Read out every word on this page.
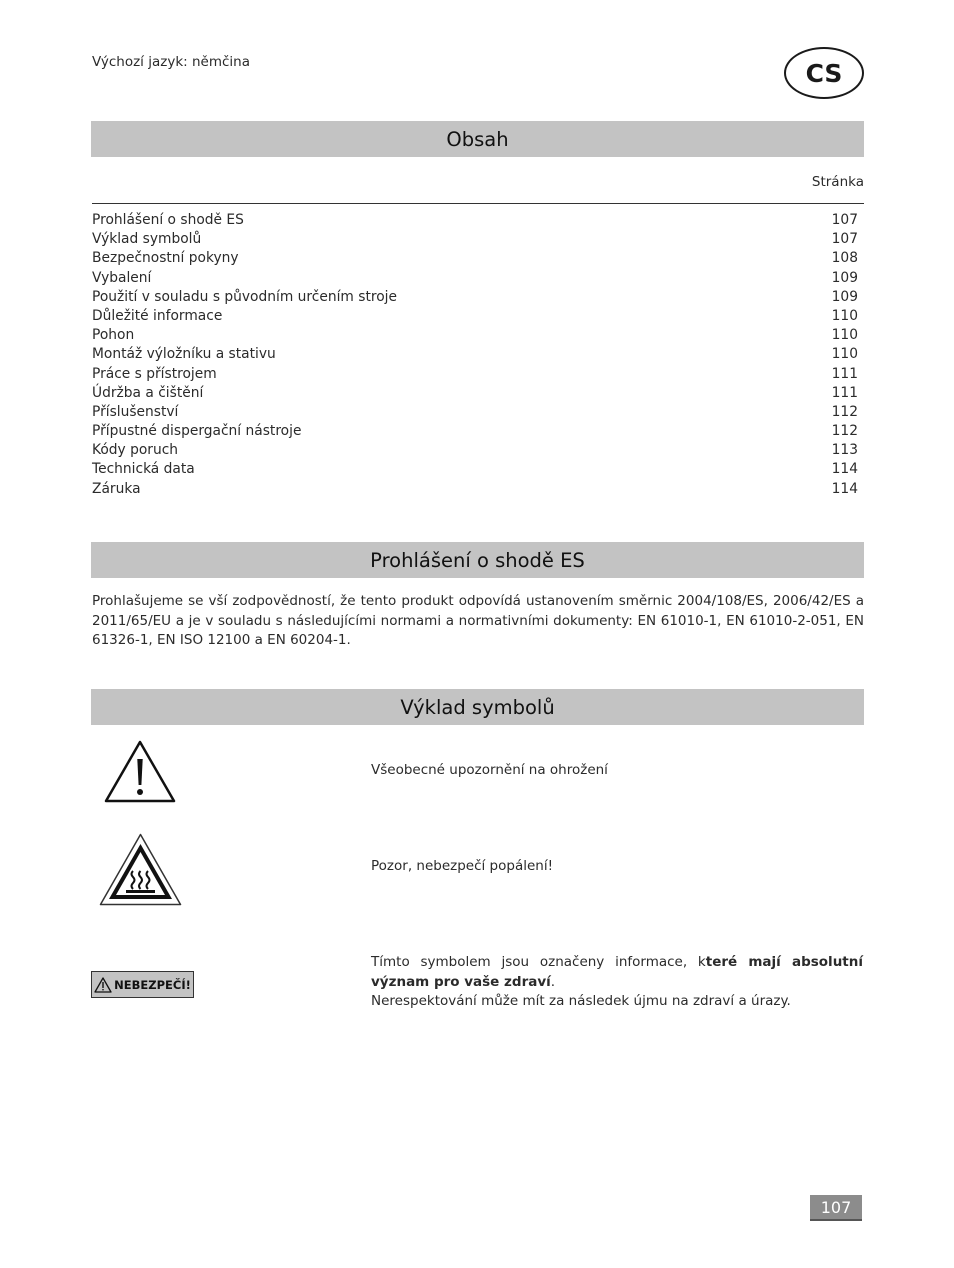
Výchozí jazyk: němčina	CS
Obsah
Stránka
Prohlášení o shodě ES	107
Výklad symbolů	107
Bezpečnostní pokyny	108
Vybalení	109
Použití v souladu s původním určením stroje	109
Důležité informace	110
Pohon	110
Montáž výložníku a stativu	110
Práce s přístrojem	111
Údržba a čištění	111
Příslušenství	112
Přípustné dispergační nástroje	112
Kódy poruch	113
Technická data	114
Záruka	114
Prohlášení o shodě ES

Prohlašujeme se vší zodpovědností, že tento produkt odpovídá ustanovením směrnic 2004/108/ES, 2006/42/ES a 2011/65/EU a je v souladu s následujícími normami a normativními dokumenty: EN 61010-1, EN 61010-2-051, EN 61326-1, EN ISO 12100 a EN 60204-1.

Výklad symbolů

Všeobecné upozornění na ohrožení

Pozor, nebezpečí popálení!

NEBEZPEČÍ!
Tímto symbolem jsou označeny informace, které mají absolutní význam pro vaše zdraví.
Nerespektování může mít za následek újmu na zdraví a úrazy.
107
